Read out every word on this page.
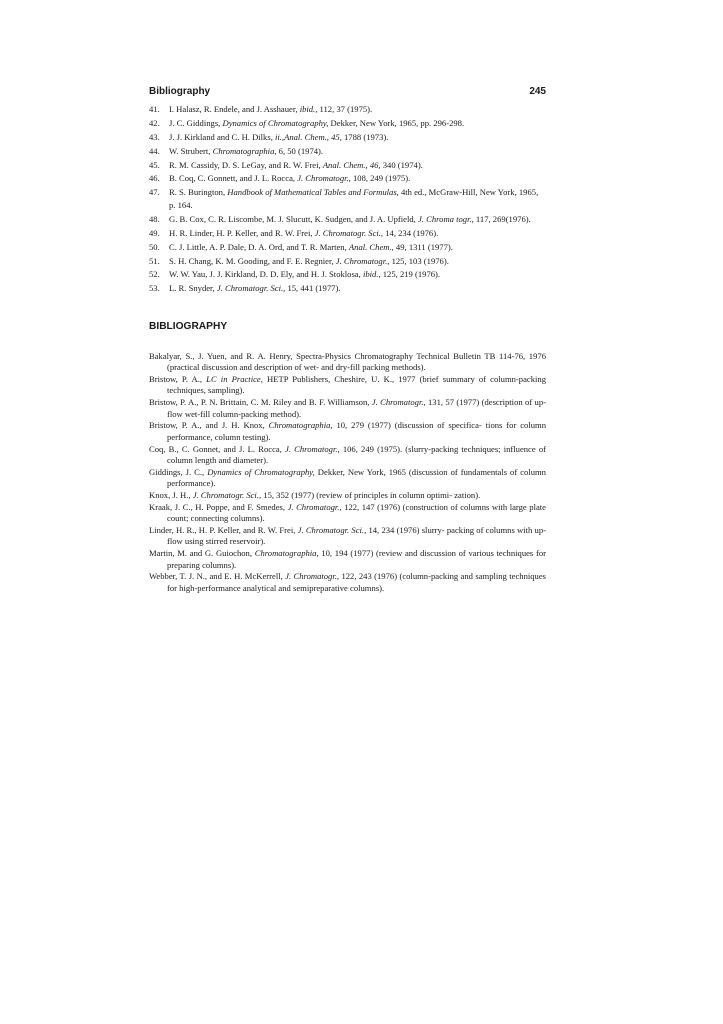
Bibliography	245
41.	I. Halasz, R. Endele, and J. Asshauer, ibid., 112, 37 (1975).
42.	J. C. Giddings, Dynamics of Chromatography, Dekker, New York, 1965, pp. 296-298.
43.	J. J. Kirkland and C. H. Dilks, ii.,Anal. Chem., 45, 1788 (1973).
44.	W. Strubert, Chromatographia, 6, 50 (1974).
45.	R. M. Cassidy, D. S. LeGay, and R. W. Frei, Anal. Chem., 46, 340 (1974).
46.	B. Coq, C. Gonnett, and J. L. Rocca, J. Chromatogr., 108, 249 (1975).
47.	R. S. Burington, Handbook of Mathematical Tables and Formulas, 4th ed., McGraw-Hill, New York, 1965, p. 164.
48.	G. B. Cox, C. R. Liscombe, M. J. Slucutt, K. Sudgen, and J. A. Upfield, J. Chroma togr., 117, 269(1976).
49.	H. R. Linder, H. P. Keller, and R. W. Frei, J. Chromatogr. Sci., 14, 234 (1976).
50.	C. J. Little, A. P. Dale, D. A. Ord, and T. R. Marten, Anal. Chem., 49, 1311 (1977).
51.	S. H. Chang, K. M. Gooding, and F. E. Regnier, J. Chromatogr., 125, 103 (1976).
52.	W. W. Yau, J. J. Kirkland, D. D. Ely, and H. J. Stoklosa, ibid., 125, 219 (1976).
53.	L. R. Snyder, J. Chromatogr. Sci., 15, 441 (1977).
BIBLIOGRAPHY
Bakalyar, S., J. Yuen, and R. A. Henry, Spectra-Physics Chromatography Technical Bulletin TB 114-76, 1976 (practical discussion and description of wet- and dry-fill packing methods).
Bristow, P. A., LC in Practice, HETP Publishers, Cheshire, U. K., 1977 (brief summary of column-packing techniques, sampling).
Bristow, P. A., P. N. Brittain, C. M. Riley and B. F. Williamson, J. Chromatogr., 131, 57 (1977) (description of up-flow wet-fill column-packing method).
Bristow, P. A., and J. H. Knox, Chromatographia, 10, 279 (1977) (discussion of specifica- tions for column performance, column testing).
Coq, B., C. Gonnet, and J. L. Rocca, J. Chromatogr., 106, 249 (1975). (slurry-packing techniques; influence of column length and diameter).
Giddings, J. C., Dynamics of Chromatography, Dekker, New York, 1965 (discussion of fundamentals of column performance).
Knox, J. H., J. Chromatogr. Sci., 15, 352 (1977) (review of principles in column optimi- zation).
Kraak, J. C., H. Poppe, and F. Smedes, J. Chromatogr., 122, 147 (1976) (construction of columns with large plate count; connecting columns).
Linder, H. R., H. P. Keller, and R. W. Frei, J. Chromatogr. Sci., 14, 234 (1976) slurry- packing of columns with up-flow using stirred reservoir).
Martin, M. and G. Guiochon, Chromatographia, 10, 194 (1977) (review and discussion of various techniques for preparing columns).
Webber, T. J. N., and E. H. McKerrell, J. Chromatogr., 122, 243 (1976) (column-packing and sampling techniques for high-performance analytical and semipreparative columns).
